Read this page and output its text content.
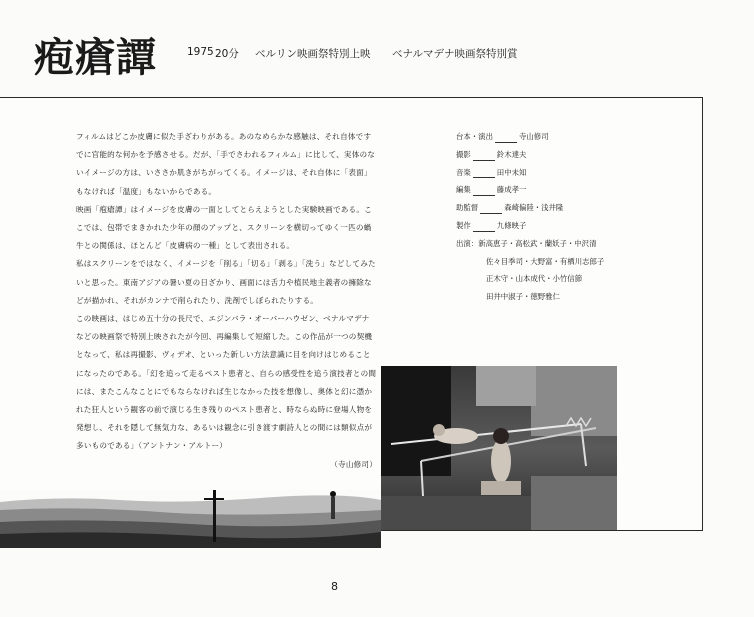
疱瘡譚	1975 20分 ベルリン映画祭特別上映 ベナルマデナ映画祭特別賞

フィルムはどこか皮膚に似た手ざわりがある。あのなめらかな感触は、それ自体ですでに官能的な何かを予感させる。だが、「手でさわれるフィルム」に比して、実体のないイメージの方は、いささか肌きがちがってくる。イメージは、それ自体に「表面」もなければ「温度」もないからである。

映画「疱瘡譚」はイメージを皮膚の一面としてとらえようとした実験映画である。ここでは、包帯でまきかれた少年の顔のアップと、スクリーンを横切ってゆく一匹の蝸牛との関係は、ほとんど「皮膚病の一種」として表出される。

私はスクリーンをではなく、イメージを「削る」「切る」「剥る」「洗う」などしてみたいと思った。東南アジアの暑い夏の日ざかり、画面には舌力や植民地主義者の擁除などが描かれ、それがカンナで削られたり、洗剤でしぼられたりする。

この映画は、はじめ五十分の長尺で、エジンバラ・オーバーハウゼン、ベナルマデナなどの映画祭で特別上映されたが今回、再編集して短縮した。この作品が一つの契機となって、私は再撮影、ヴィデオ、といった新しい方法意識に目を向けはじめることになったのである。「幻を追って走るペスト患者と、自らの感受性を追う演技者との間には、またこんなことにでもならなければ生じなかった技を想像し、奥体と幻に憑かれた狂人という観客の前で演じる生き残りのペスト患者と、時ならぬ時に登場人物を発想し、それを隠して無気力な、あるいは観念に引き渡す劇詩人との間には類似点が多いものである」（アントナン・アルトー）

（寺山修司）
台本・演出	寺山修司
撮影	鈴木達夫
音楽	田中未知
編集	藤成孝一
助監督	森崎偏陸・浅井隆
製作	九條映子
出演 ： 新高恵子・高松武・蘭妖子・中沢清
佐々目季司・大野富・有栖川志郎子
正木守・山本成代・小竹信節
田井中淑子・徳野雅仁
8
